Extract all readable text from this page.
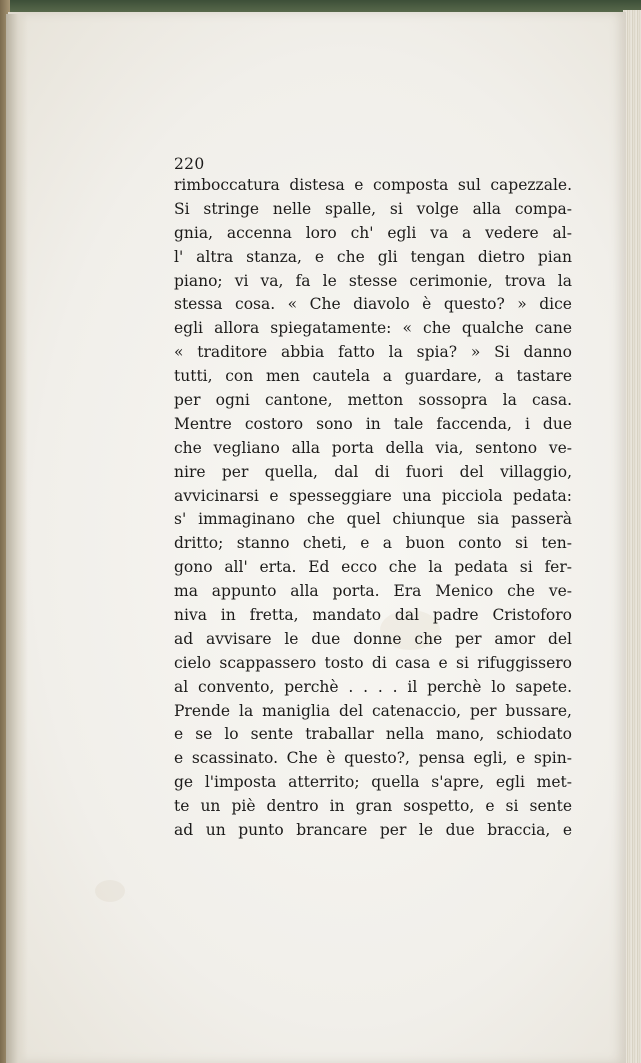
220
rimboccatura distesa e composta sul capezzale.
Si stringe nelle spalle, si volge alla compa-
gnia, accenna loro ch' egli va a vedere al-
l' altra stanza, e che gli tengan dietro pian
piano; vi va, fa le stesse cerimonie, trova la
stessa cosa. « Che diavolo è questo? » dice
egli allora spiegatamente: « che qualche cane
« traditore abbia fatto la spia? » Si danno
tutti, con men cautela a guardare, a tastare
per ogni cantone, metton sossopra la casa.
Mentre costoro sono in tale faccenda, i due
che vegliano alla porta della via, sentono ve-
nire per quella, dal di fuori del villaggio,
avvicinarsi e spesseggiare una picciola pedata:
s' immaginano che quel chiunque sia passerà
dritto; stanno cheti, e a buon conto si ten-
gono all' erta. Ed ecco che la pedata si fer-
ma appunto alla porta. Era Menico che ve-
niva in fretta, mandato dal padre Cristoforo
ad avvisare le due donne che per amor del
cielo scappassero tosto di casa e si rifuggissero
al convento, perchè . . . . il perchè lo sapete.
Prende la maniglia del catenaccio, per bussare,
e se lo sente traballar nella mano, schiodato
e scassinato. Che è questo?, pensa egli, e spin-
ge l'imposta atterrito; quella s'apre, egli met-
te un piè dentro in gran sospetto, e si sente
ad un punto brancare per le due braccia, e
